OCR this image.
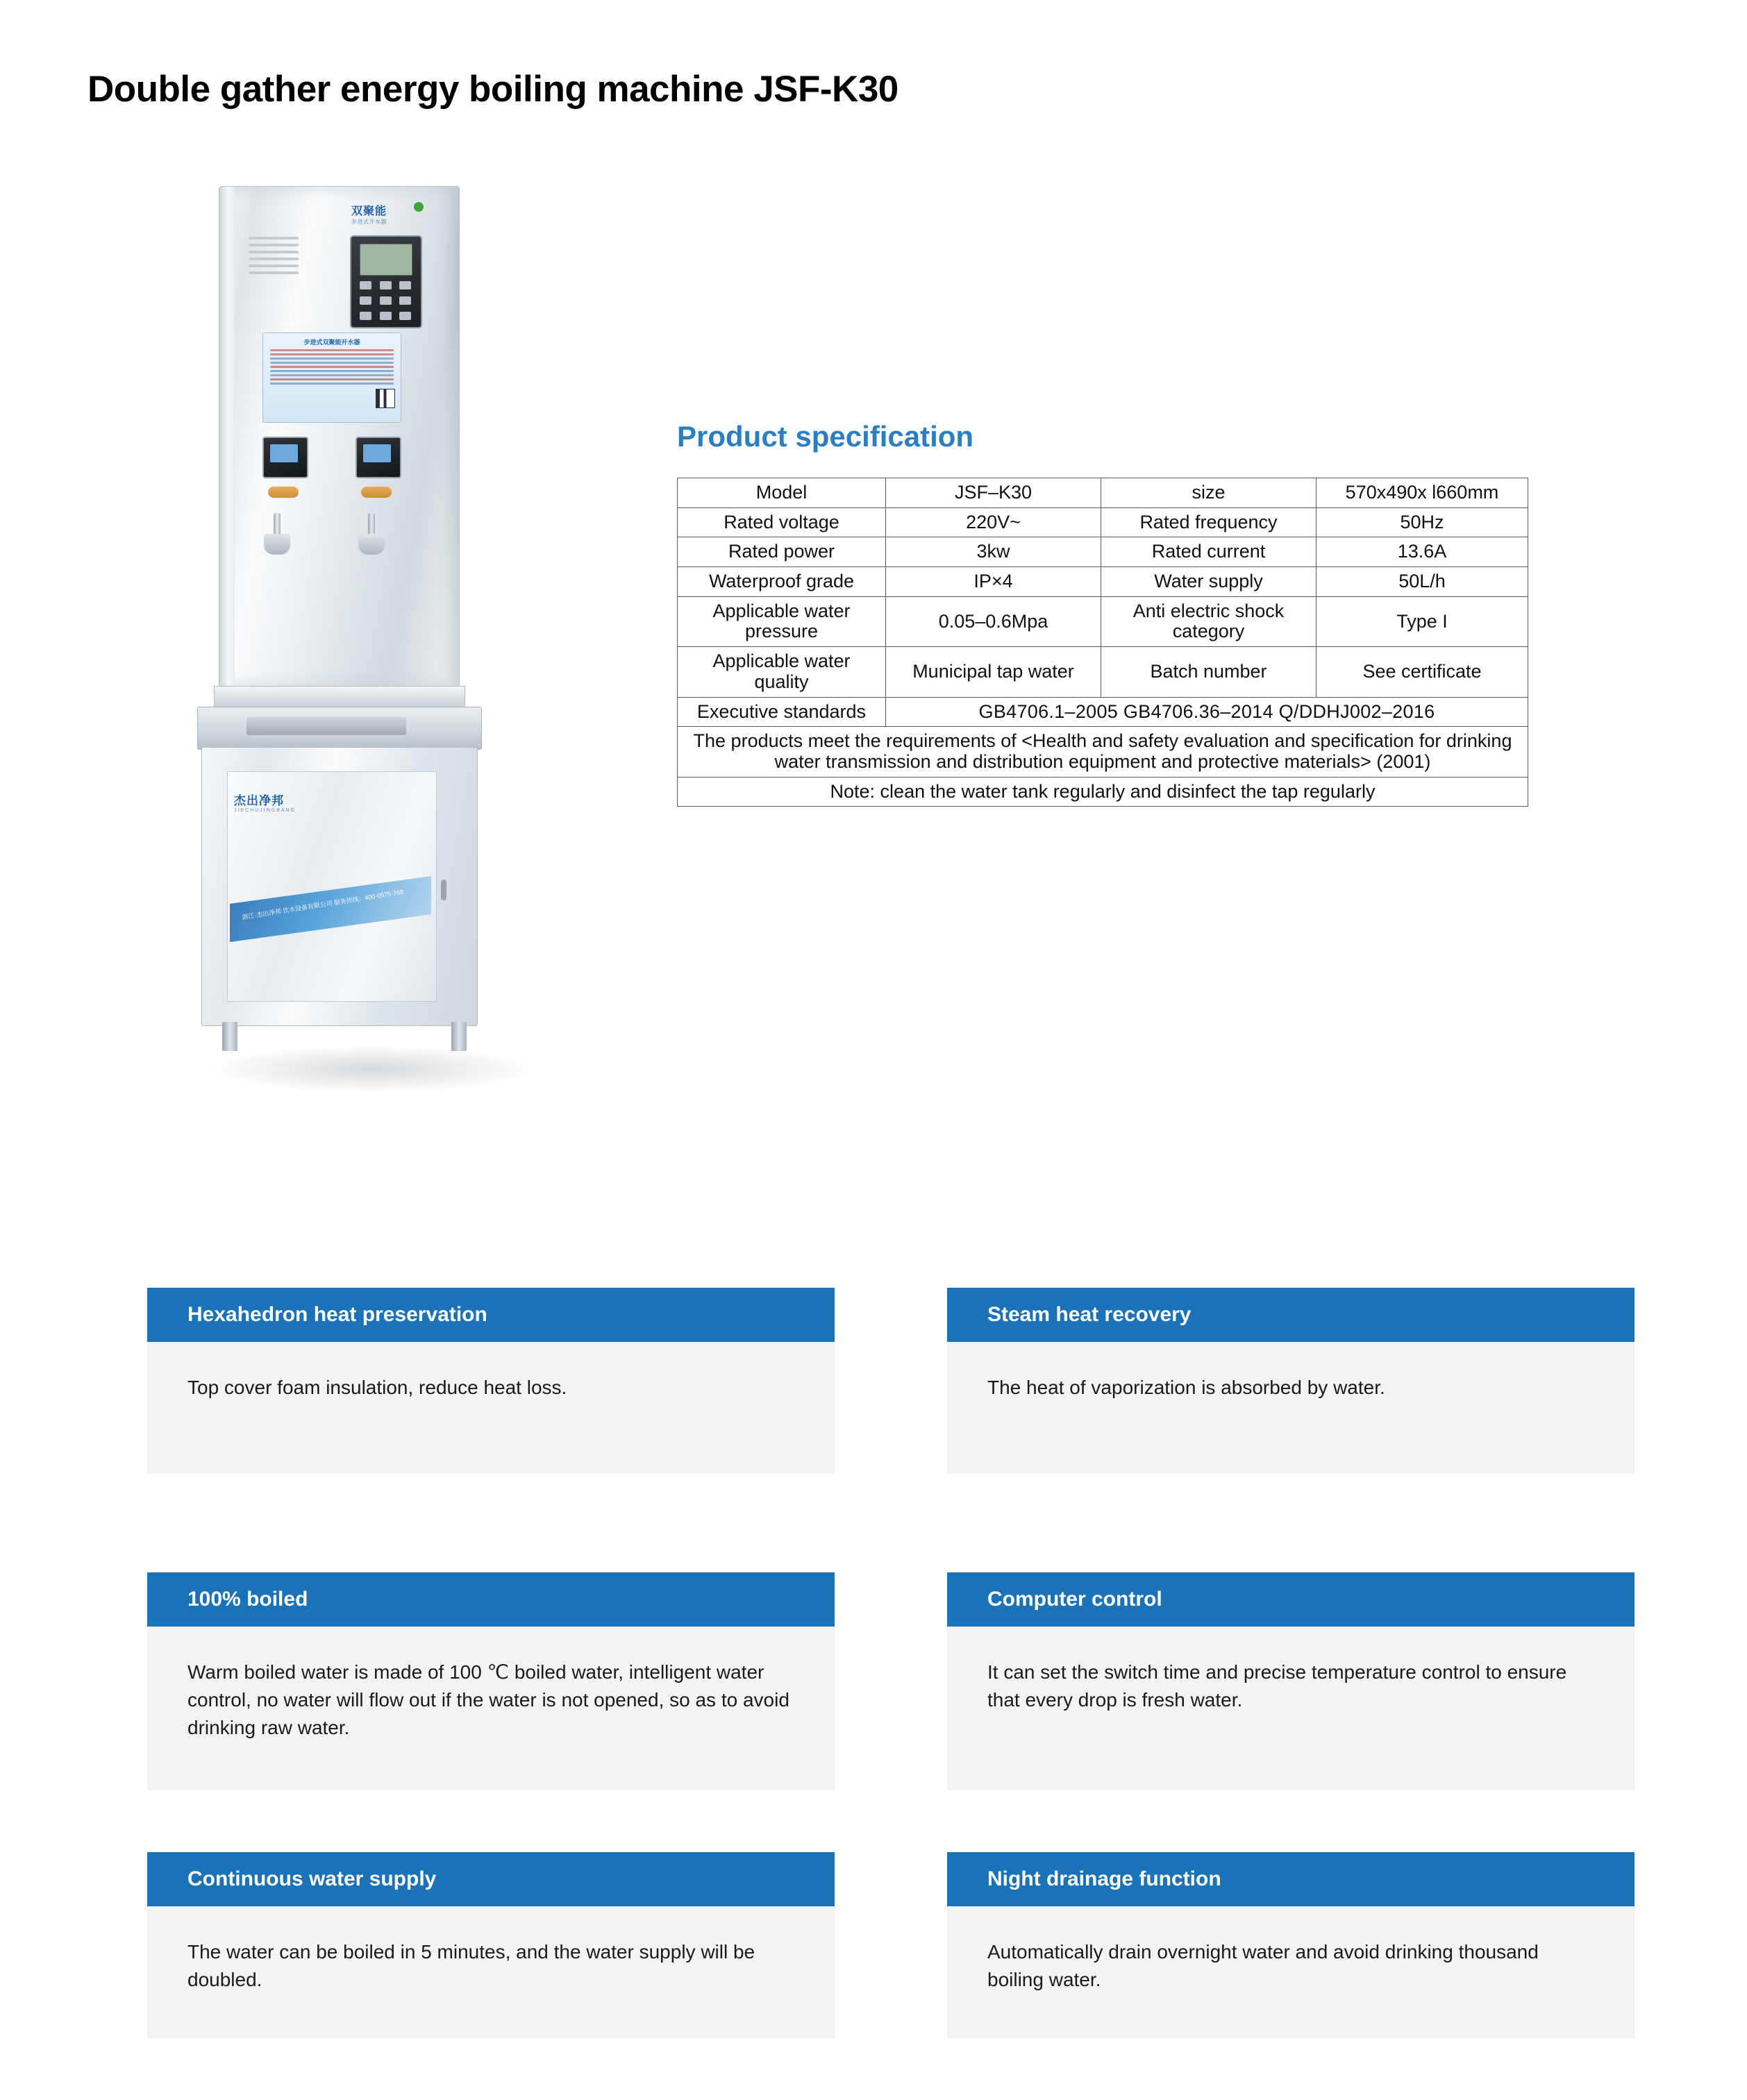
Double gather energy boiling machine JSF-K30
双聚能
步进式开水器
步进式双聚能开水器
杰出净邦
JIECHUJINGBANG
浙江·杰出净邦 饮水设备有限公司 服务热线：400-0575-768
Product specification
Model	JSF–K30	size	570x490x l660mm
Rated voltage	220V~	Rated frequency	50Hz
Rated power	3kw	Rated current	13.6A
Waterproof grade	IP×4	Water supply	50L/h
Applicable water pressure	0.05–0.6Mpa	Anti electric shock category	Type I
Applicable water quality	Municipal tap water	Batch number	See certificate
Executive standards	GB4706.1–2005 GB4706.36–2014 Q/DDHJ002–2016		
The products meet the requirements of <Health and safety evaluation and specification for drinking water transmission and distribution equipment and protective materials> (2001)			
Note: clean the water tank regularly and disinfect the tap regularly			
Hexahedron heat preservation
Top cover foam insulation, reduce heat loss.
Steam heat recovery
The heat of vaporization is absorbed by water.
100% boiled
Warm boiled water is made of 100 ℃ boiled water, intelligent water control, no water will flow out if the water is not opened, so as to avoid drinking raw water.
Computer control
It can set the switch time and precise temperature control to ensure that every drop is fresh water.
Continuous water supply
The water can be boiled in 5 minutes, and the water supply will be doubled.
Night drainage function
Automatically drain overnight water and avoid drinking thousand boiling water.
